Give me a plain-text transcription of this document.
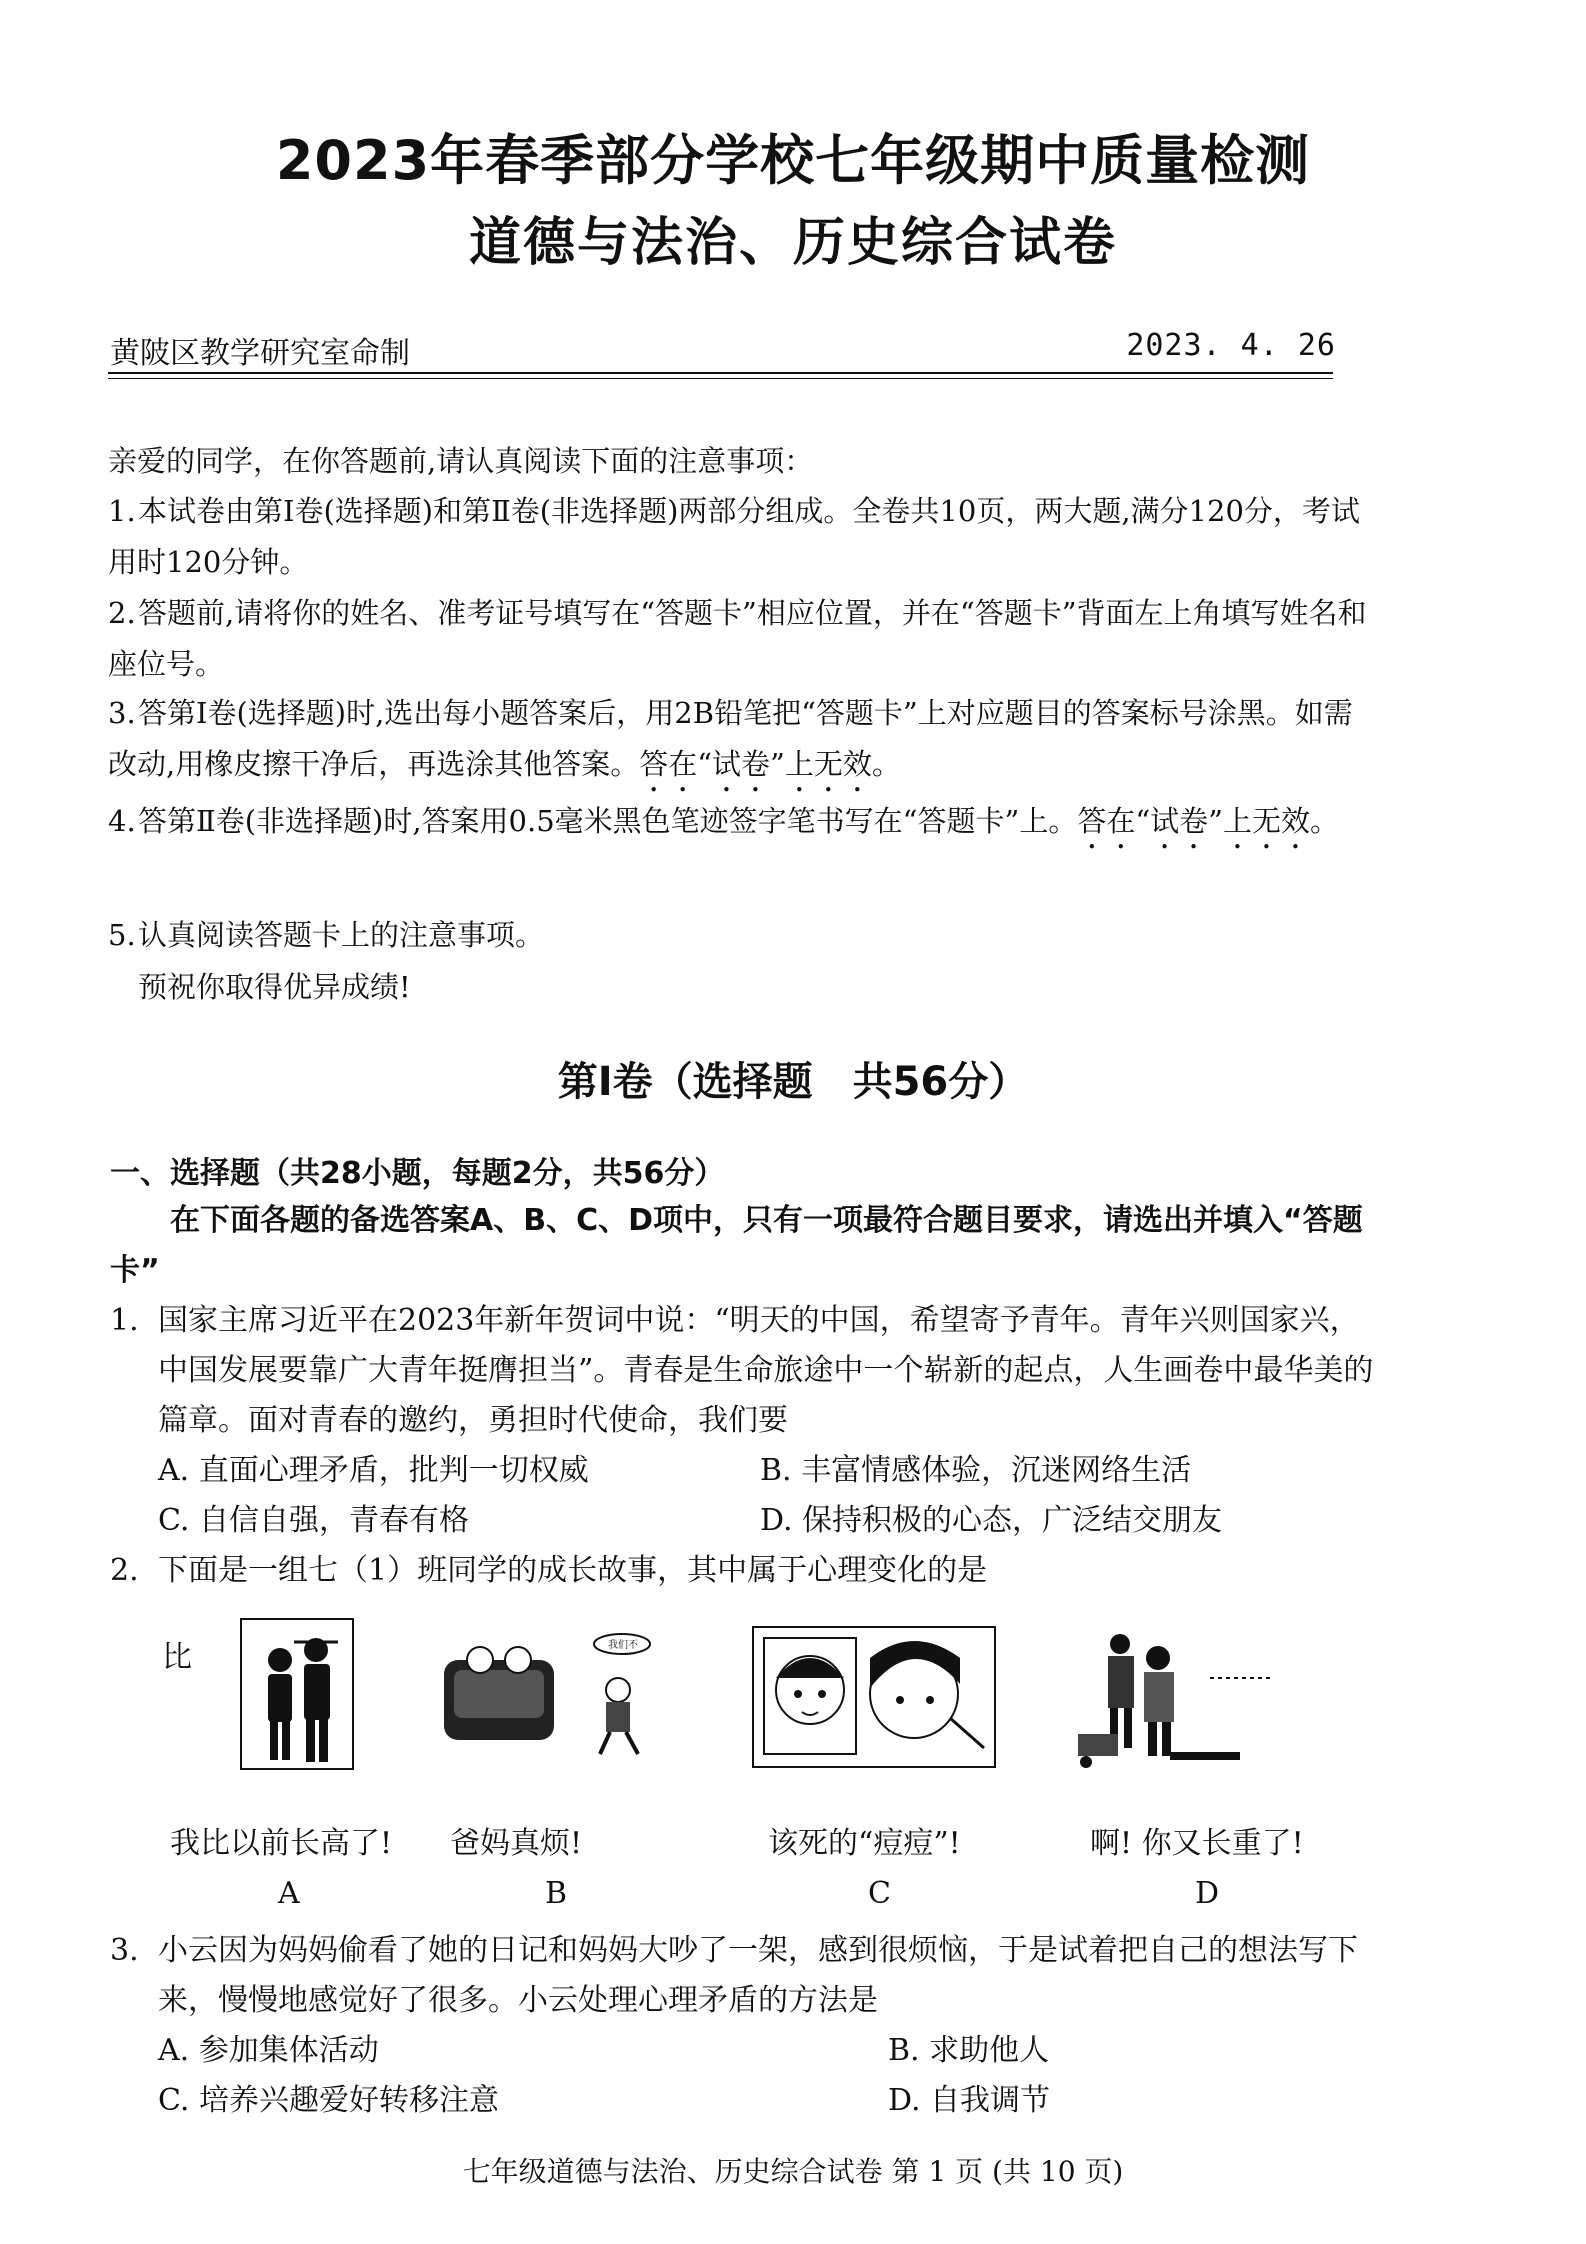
2023年春季部分学校七年级期中质量检测
道德与法治、历史综合试卷
黄陂区教学研究室命制	2023. 4. 26
亲爱的同学，在你答题前,请认真阅读下面的注意事项：
1.本试卷由第Ⅰ卷(选择题)和第Ⅱ卷(非选择题)两部分组成。全卷共10页，两大题,满分120分，考试用时120分钟。
2.答题前,请将你的姓名、准考证号填写在“答题卡”相应位置，并在“答题卡”背面左上角填写姓名和座位号。
3.答第Ⅰ卷(选择题)时,选出每小题答案后，用2B铅笔把“答题卡”上对应题目的答案标号涂黑。如需改动,用橡皮擦干净后，再选涂其他答案。答在“试卷”上无效。
4.答第Ⅱ卷(非选择题)时,答案用0.5毫米黑色笔迹签字笔书写在“答题卡”上。答在“试卷”上无效。
5.认真阅读答题卡上的注意事项。
预祝你取得优异成绩!
第Ⅰ卷（选择题　共56分）
一、选择题（共28小题，每题2分，共56分）
在下面各题的备选答案A、B、C、D项中，只有一项最符合题目要求，请选出并填入“答题卡”
1. 国家主席习近平在2023年新年贺词中说：“明天的中国，希望寄予青年。青年兴则国家兴，中国发展要靠广大青年挺膺担当”。青春是生命旅途中一个崭新的起点，人生画卷中最华美的篇章。面对青春的邀约，勇担时代使命，我们要
A. 直面心理矛盾，批判一切权威	B. 丰富情感体验，沉迷网络生活
C. 自信自强，青春有格	D. 保持积极的心态，广泛结交朋友
2. 下面是一组七（1）班同学的成长故事，其中属于心理变化的是
比	我们不
我比以前长高了! 爸妈真烦!	该死的“痘痘”!	啊! 你又长重了!
A	B	C	D
3. 小云因为妈妈偷看了她的日记和妈妈大吵了一架，感到很烦恼，于是试着把自己的想法写下来，慢慢地感觉好了很多。小云处理心理矛盾的方法是
A. 参加集体活动	B. 求助他人
C. 培养兴趣爱好转移注意	D. 自我调节
七年级道德与法治、历史综合试卷 第 1 页 (共 10 页)
